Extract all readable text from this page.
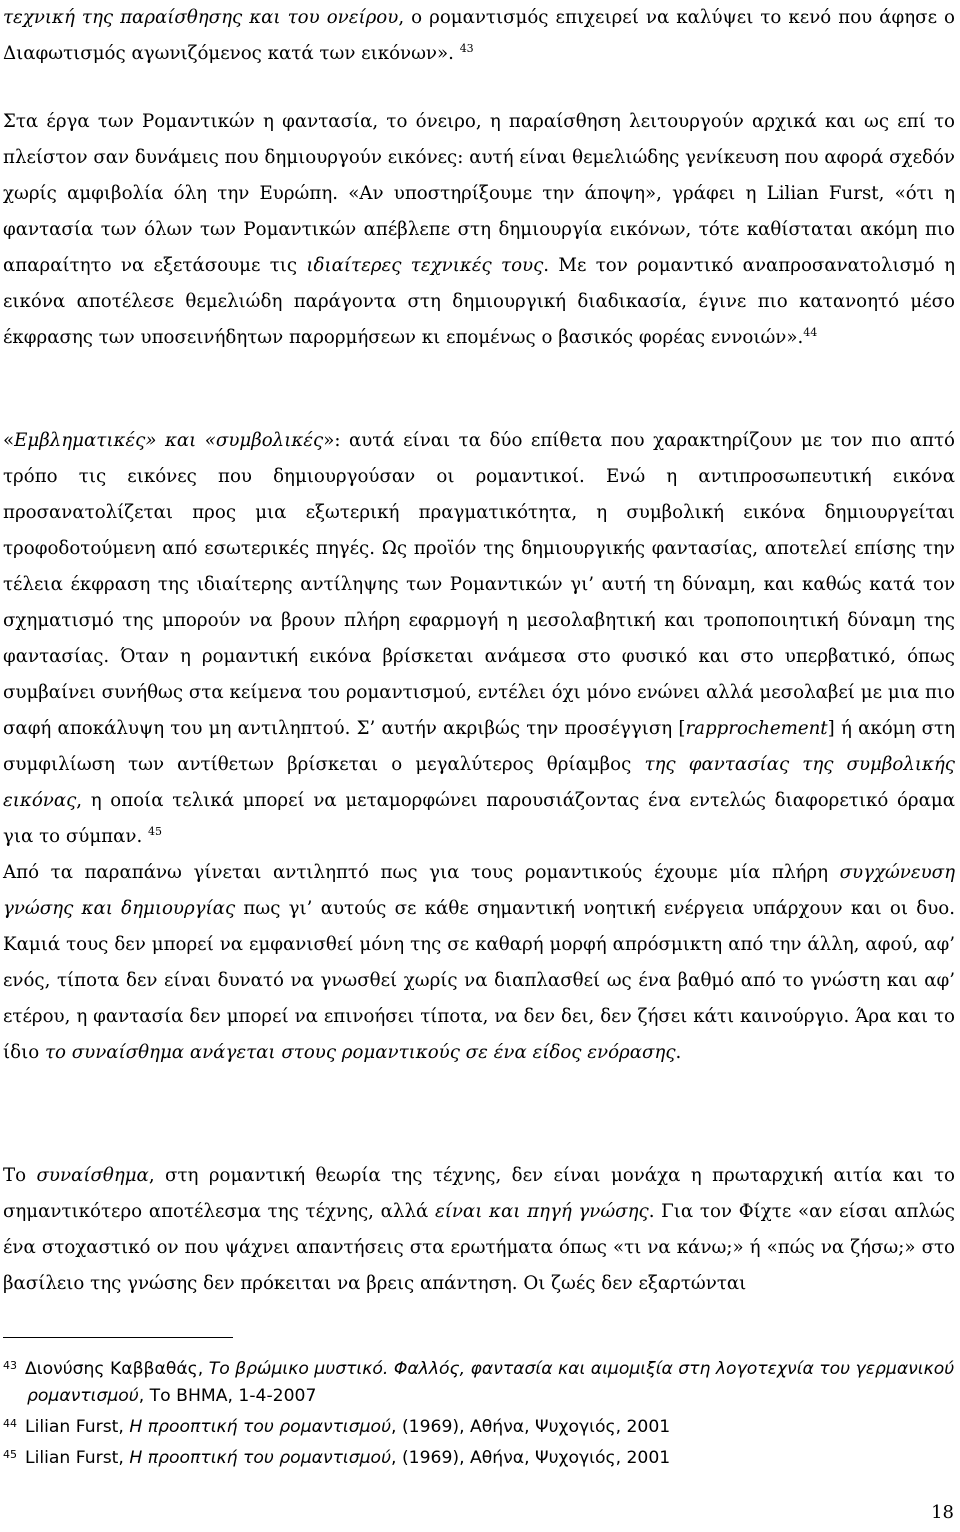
τεχνική της παραίσθησης και του ονείρου, ο ρομαντισμός επιχειρεί να καλύψει το κενό που άφησε ο Διαφωτισμός αγωνιζόμενος κατά των εικόνων». $^{43}$

Στα έργα των Ρομαντικών η φαντασία, το όνειρο, η παραίσθηση λειτουργούν αρχικά και ως επί το πλείστον σαν δυνάμεις που δημιουργούν εικόνες: αυτή είναι θεμελιώδης γενίκευση που αφορά σχεδόν χωρίς αμφιβολία όλη την Ευρώπη. «Αν υποστηρίξουμε την άποψη», γράφει η Lilian Furst, «ότι η φαντασία των όλων των Ρομαντικών απέβλεπε στη δημιουργία εικόνων, τότε καθίσταται ακόμη πιο απαραίτητο να εξετάσουμε τις ιδιαίτερες τεχνικές τους. Με τον ρομαντικό αναπροσανατολισμό η εικόνα αποτέλεσε θεμελιώδη παράγοντα στη δημιουργική διαδικασία, έγινε πιο κατανοητό μέσο έκφρασης των υποσεινήδητων παρορμήσεων κι επομένως ο βασικός φορέας εννοιών».$^{44}$

«Εμβληματικές» και «συμβολικές»: αυτά είναι τα δύο επίθετα που χαρακτηρίζουν με τον πιο απτό τρόπο τις εικόνες που δημιουργούσαν οι ρομαντικοί. Ενώ η αντιπροσωπευτική εικόνα προσανατολίζεται προς μια εξωτερική πραγματικότητα, η συμβολική εικόνα δημιουργείται τροφοδοτούμενη από εσωτερικές πηγές. Ως προϊόν της δημιουργικής φαντασίας, αποτελεί επίσης την τέλεια έκφραση της ιδιαίτερης αντίληψης των Ρομαντικών γι’ αυτή τη δύναμη, και καθώς κατά τον σχηματισμό της μπορούν να βρουν πλήρη εφαρμογή η μεσολαβητική και τροποποιητική δύναμη της φαντασίας. Όταν η ρομαντική εικόνα βρίσκεται ανάμεσα στο φυσικό και στο υπερβατικό, όπως συμβαίνει συνήθως στα κείμενα του ρομαντισμού, εντέλει όχι μόνο ενώνει αλλά μεσολαβεί με μια πιο σαφή αποκάλυψη του μη αντιληπτού. Σ’ αυτήν ακριβώς την προσέγγιση [rapprochement] ή ακόμη στη συμφιλίωση των αντίθετων βρίσκεται ο μεγαλύτερος θρίαμβος της φαντασίας της συμβολικής εικόνας, η οποία τελικά μπορεί να μεταμορφώνει παρουσιάζοντας ένα εντελώς διαφορετικό όραμα για το σύμπαν. $^{45}$

Από τα παραπάνω γίνεται αντιληπτό πως για τους ρομαντικούς έχουμε μία πλήρη συγχώνευση γνώσης και δημιουργίας πως γι’ αυτούς σε κάθε σημαντική νοητική ενέργεια υπάρχουν και οι δυο. Καμιά τους δεν μπορεί να εμφανισθεί μόνη της σε καθαρή μορφή απρόσμικτη από την άλλη, αφού, αφ’ ενός, τίποτα δεν είναι δυνατό να γνωσθεί χωρίς να διαπλασθεί ως ένα βαθμό από το γνώστη και αφ’ ετέρου, η φαντασία δεν μπορεί να επινοήσει τίποτα, να δεν δει, δεν ζήσει κάτι καινούργιο. Άρα και το ίδιο το συναίσθημα ανάγεται στους ρομαντικούς σε ένα είδος ενόρασης.

Το συναίσθημα, στη ρομαντική θεωρία της τέχνης, δεν είναι μονάχα η πρωταρχική αιτία και το σημαντικότερο αποτέλεσμα της τέχνης, αλλά είναι και πηγή γνώσης. Για τον Φίχτε «αν είσαι απλώς ένα στοχαστικό ον που ψάχνει απαντήσεις στα ερωτήματα όπως «τι να κάνω;» ή «πώς να ζήσω;» στο βασίλειο της γνώσης δεν πρόκειται να βρεις απάντηση. Οι ζωές δεν εξαρτώνται

$^{43}$ Διονύσης Καββαθάς, Το βρώμικο μυστικό. Φαλλός, φαντασία και αιμομιξία στη λογοτεχνία του γερμανικού ρομαντισμού, Το ΒΗΜΑ, 1-4-2007

$^{44}$ Lilian Furst, Η προοπτική του ρομαντισμού, (1969), Αθήνα, Ψυχογιός, 2001

$^{45}$ Lilian Furst, Η προοπτική του ρομαντισμού, (1969), Αθήνα, Ψυχογιός, 2001

18
